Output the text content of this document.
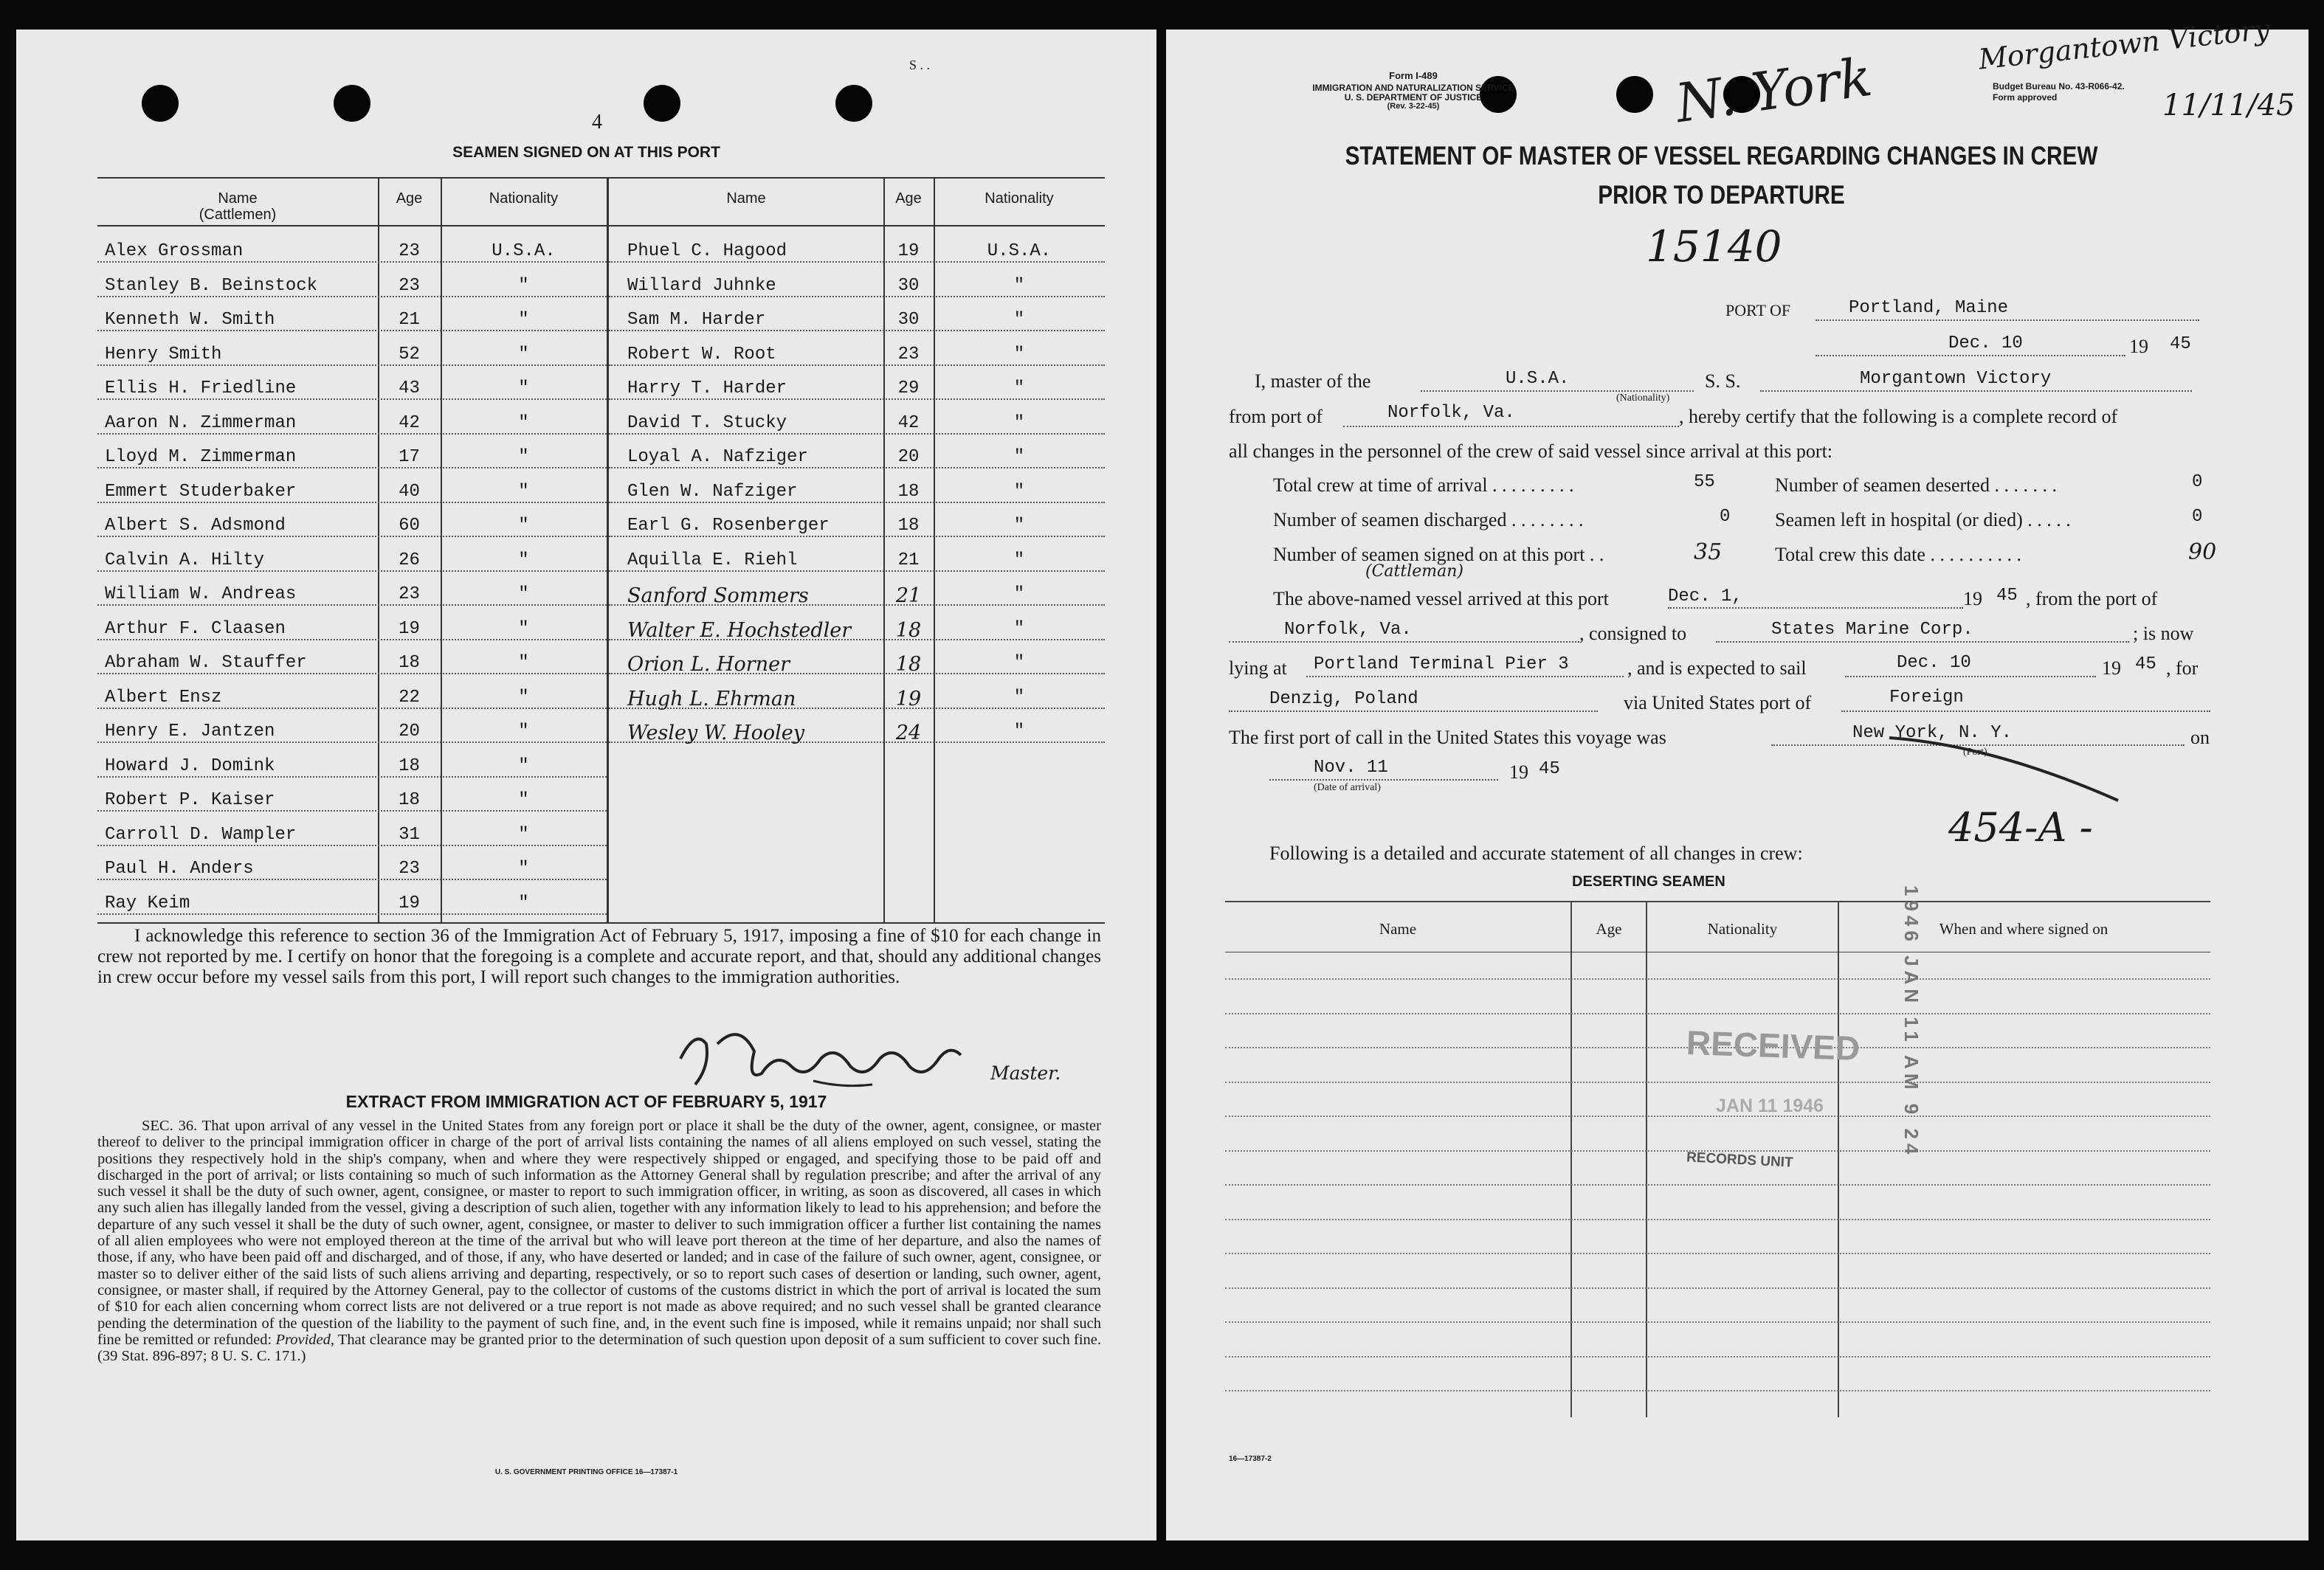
S . .
4
SEAMEN SIGNED ON AT THIS PORT
Name
(Cattlemen)
Age	Nationality	Name	Age	Nationality
Alex Grossman	23	U.S.A.
Stanley B. Beinstock	23	"
Kenneth W. Smith	21	"
Henry Smith	52	"
Ellis H. Friedline	43	"
Aaron N. Zimmerman	42	"
Lloyd M. Zimmerman	17	"
Emmert Studerbaker	40	"
Albert S. Adsmond	60	"
Calvin A. Hilty	26	"
William W. Andreas	23	"
Arthur F. Claasen	19	"
Abraham W. Stauffer	18	"
Albert Ensz	22	"
Henry E. Jantzen	20	"
Howard J. Domink	18	"
Robert P. Kaiser	18	"
Carroll D. Wampler	31	"
Paul H. Anders	23	"
Ray Keim	19	"
Phuel C. Hagood	19	U.S.A.
Willard Juhnke	30	"
Sam M. Harder	30	"
Robert W. Root	23	"
Harry T. Harder	29	"
David T. Stucky	42	"
Loyal A. Nafziger	20	"
Glen W. Nafziger	18	"
Earl G. Rosenberger	18	"
Aquilla E. Riehl	21	"
Sanford Sommers	21	"
Walter E. Hochstedler	18	"
Orion L. Horner	18	"
Hugh L. Ehrman	19	"
Wesley W. Hooley	24	"
I acknowledge this reference to section 36 of the Immigration Act of February 5, 1917, imposing a fine of $10 for each change in crew not reported by me. I certify on honor that the foregoing is a complete and accurate report, and that, should any additional changes in crew occur before my vessel sails from this port, I will report such changes to the immigration authorities.
Master.
EXTRACT FROM IMMIGRATION ACT OF FEBRUARY 5, 1917
SEC. 36. That upon arrival of any vessel in the United States from any foreign port or place it shall be the duty of the owner, agent, consignee, or master thereof to deliver to the principal immigration officer in charge of the port of arrival lists containing the names of all aliens employed on such vessel, stating the positions they respectively hold in the ship's company, when and where they were respectively shipped or engaged, and specifying those to be paid off and discharged in the port of arrival; or lists containing so much of such information as the Attorney General shall by regulation prescribe; and after the arrival of any such vessel it shall be the duty of such owner, agent, consignee, or master to report to such immigration officer, in writing, as soon as discovered, all cases in which any such alien has illegally landed from the vessel, giving a description of such alien, together with any information likely to lead to his apprehension; and before the departure of any such vessel it shall be the duty of such owner, agent, consignee, or master to deliver to such immigration officer a further list containing the names of all alien employees who were not employed thereon at the time of the arrival but who will leave port thereon at the time of her departure, and also the names of those, if any, who have been paid off and discharged, and of those, if any, who have deserted or landed; and in case of the failure of such owner, agent, consignee, or master so to deliver either of the said lists of such aliens arriving and departing, respectively, or so to report such cases of desertion or landing, such owner, agent, consignee, or master shall, if required by the Attorney General, pay to the collector of customs of the customs district in which the port of arrival is located the sum of $10 for each alien concerning whom correct lists are not delivered or a true report is not made as above required; and no such vessel shall be granted clearance pending the determination of the question of the liability to the payment of such fine, and, in the event such fine is imposed, while it remains unpaid; nor shall such fine be remitted or refunded: Provided, That clearance may be granted prior to the determination of such question upon deposit of a sum sufficient to cover such fine. (39 Stat. 896-897; 8 U. S. C. 171.)
U. S. GOVERNMENT PRINTING OFFICE 16—17387-1
Form I-489
IMMIGRATION AND NATURALIZATION SERVICE
U. S. DEPARTMENT OF JUSTICE
(Rev. 3-22-45)
Budget Bureau No. 43-R066-42.
Form approved
Morgantown Victory
11/11/45
N. York
STATEMENT OF MASTER OF VESSEL REGARDING CHANGES IN CREW
PRIOR TO DEPARTURE
15140
PORT OF	Portland, Maine
Dec. 10	19 45
I, master of the	U.S.A.
(Nationality)
S. S.	Morgantown Victory
from port of	Norfolk, Va.	, hereby certify that the following is a complete record of
all changes in the personnel of the crew of said vessel since arrival at this port:
Total crew at time of arrival . . . . . . . . .	55	Number of seamen deserted . . . . . . .	0
Number of seamen discharged . . . . . . . .	0 Seamen left in hospital (or died) . . . . .	0
Number of seamen signed on at this port . .	35
(Cattleman)
Total crew this date . . . . . . . . . .	90
The above-named vessel arrived at this port	Dec. 1,	19 45 , from the port of
Norfolk, Va.	, consigned to	States Marine Corp.	; is now
lying at Portland Terminal Pier 3	, and is expected to sail	Dec. 10	19 45 , for
Denzig, Poland	via United States port of	Foreign
The first port of call in the United States this voyage was	New York, N. Y.
(Port)
on
Nov. 11	19 45
(Date of arrival)
454-A -
Following is a detailed and accurate statement of all changes in crew:
DESERTING SEAMEN
Name	Age	Nationality	When and where signed on
RECEIVED
JAN 11 1946
RECORDS UNIT
1946 JAN 11 AM 9 24
16—17387-2
